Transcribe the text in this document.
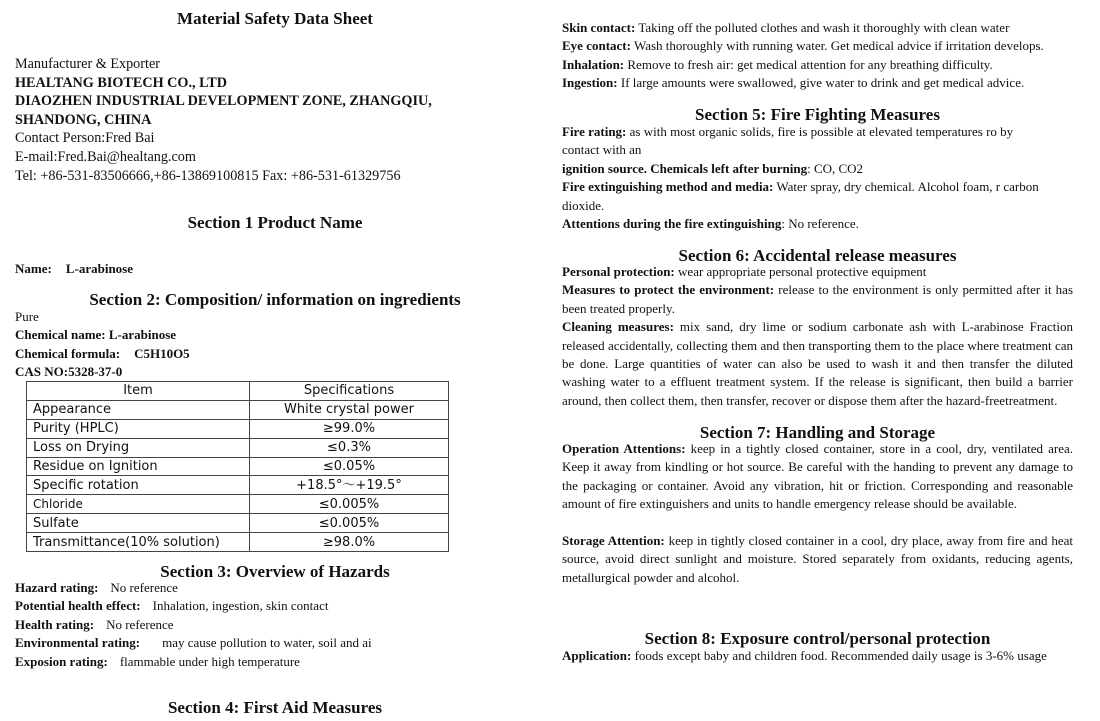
Material Safety Data Sheet
Manufacturer & Exporter
HEALTANG BIOTECH CO., LTD
DIAOZHEN INDUSTRIAL DEVELOPMENT ZONE, ZHANGQIU,
SHANDONG, CHINA
Contact Person:Fred Bai
E-mail:Fred.Bai@healtang.com
Tel: +86-531-83506666,+86-13869100815 Fax: +86-531-61329756
Section 1 Product Name
Name: L-arabinose
Section 2: Composition/ information on ingredients
Pure
Chemical name: L-arabinose
Chemical formula: C5H10O5
CAS NO:5328-37-0
Item	Specifications
Appearance	White crystal power
Purity (HPLC)	≥99.0%
Loss on Drying	≤0.3%
Residue on Ignition	≤0.05%
Specific rotation	+18.5°～+19.5°
Chloride	≤0.005%
Sulfate	≤0.005%
Transmittance(10% solution)	≥98.0%
Section 3: Overview of Hazards
Hazard rating: No reference
Potential health effect: Inhalation, ingestion, skin contact
Health rating: No reference
Environmental rating: may cause pollution to water, soil and ai
Exposion rating: flammable under high temperature
Section 4: First Aid Measures
Skin contact: Taking off the polluted clothes and wash it thoroughly with clean water
Eye contact: Wash thoroughly with running water. Get medical advice if irritation develops.
Inhalation: Remove to fresh air: get medical attention for any breathing difficulty.
Ingestion: If large amounts were swallowed, give water to drink and get medical advice.
Section 5: Fire Fighting Measures
Fire rating: as with most organic solids, fire is possible at elevated temperatures ro by contact with an
ignition source. Chemicals left after burning: CO, CO2
Fire extinguishing method and media: Water spray, dry chemical. Alcohol foam, r carbon dioxide.
Attentions during the fire extinguishing: No reference.
Section 6: Accidental release measures
Personal protection: wear appropriate personal protective equipment
Measures to protect the environment: release to the environment is only permitted after it has been treated properly.
Cleaning measures: mix sand, dry lime or sodium carbonate ash with L-arabinose Fraction released accidentally, collecting them and then transporting them to the place where treatment can be done. Large quantities of water can also be used to wash it and then transfer the diluted washing water to a effluent treatment system. If the release is significant, then build a barrier around, then collect them, then transfer, recover or dispose them after the hazard-freetreatment.
Section 7: Handling and Storage
Operation Attentions: keep in a tightly closed container, store in a cool, dry, ventilated area. Keep it away from kindling or hot source. Be careful with the handing to prevent any damage to the packaging or container. Avoid any vibration, hit or friction. Corresponding and reasonable amount of fire extinguishers and units to handle emergency release should be available.
Storage Attention: keep in tightly closed container in a cool, dry place, away from fire and heat source, avoid direct sunlight and moisture. Stored separately from oxidants, reducing agents, metallurgical powder and alcohol.
Section 8: Exposure control/personal protection
Application: foods except baby and children food. Recommended daily usage is 3-6% usage
